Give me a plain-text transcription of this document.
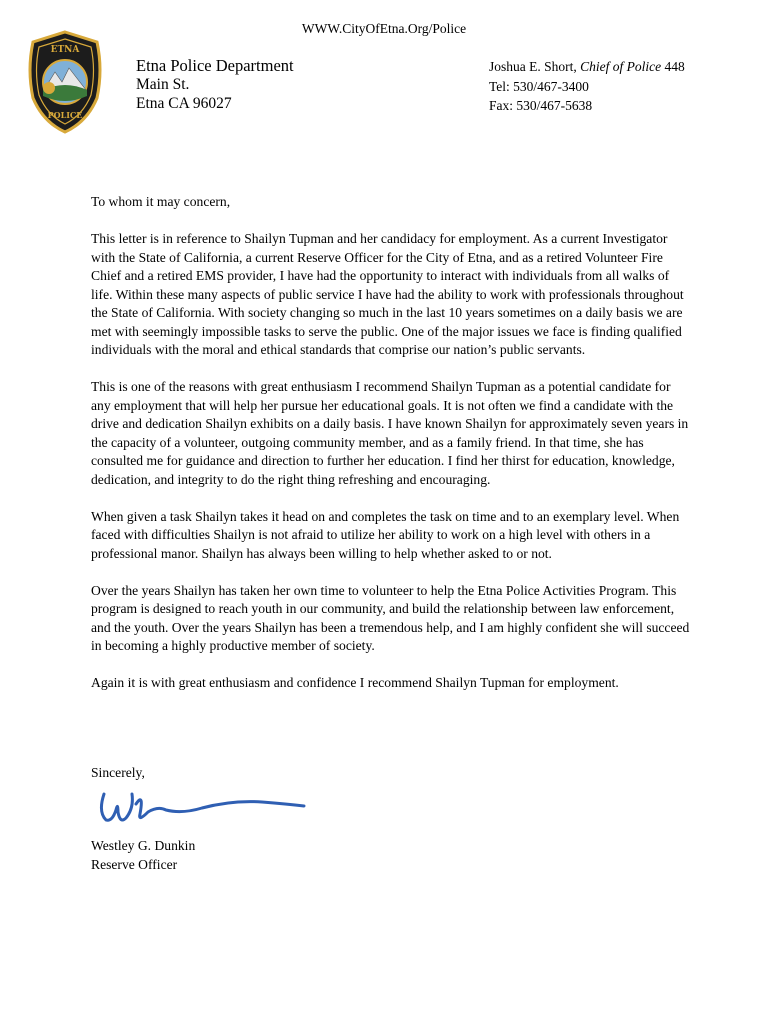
WWW.CityOfEtna.Org/Police
ETNA
POLICE
Etna Police Department
Main St.
Etna CA 96027
Joshua E. Short, Chief of Police 448
Tel: 530/467-3400
Fax: 530/467-5638

To whom it may concern,

This letter is in reference to Shailyn Tupman and her candidacy for employment. As a current Investigator with the State of California, a current Reserve Officer for the City of Etna, and as a retired Volunteer Fire Chief and a retired EMS provider, I have had the opportunity to interact with individuals from all walks of life. Within these many aspects of public service I have had the ability to work with professionals throughout the State of California. With society changing so much in the last 10 years sometimes on a daily basis we are met with seemingly impossible tasks to serve the public. One of the major issues we face is finding qualified individuals with the moral and ethical standards that comprise our nation’s public servants.

This is one of the reasons with great enthusiasm I recommend Shailyn Tupman as a potential candidate for any employment that will help her pursue her educational goals. It is not often we find a candidate with the drive and dedication Shailyn exhibits on a daily basis. I have known Shailyn for approximately seven years in the capacity of a volunteer, outgoing community member, and as a family friend. In that time, she has consulted me for guidance and direction to further her education. I find her thirst for education, knowledge, dedication, and integrity to do the right thing refreshing and encouraging.

When given a task Shailyn takes it head on and completes the task on time and to an exemplary level. When faced with difficulties Shailyn is not afraid to utilize her ability to work on a high level with others in a professional manor. Shailyn has always been willing to help whether asked to or not.

Over the years Shailyn has taken her own time to volunteer to help the Etna Police Activities Program. This program is designed to reach youth in our community, and build the relationship between law enforcement, and the youth. Over the years Shailyn has been a tremendous help, and I am highly confident she will succeed in becoming a highly productive member of society.

Again it is with great enthusiasm and confidence I recommend Shailyn Tupman for employment.

Sincerely,
Westley G. Dunkin
Reserve Officer
